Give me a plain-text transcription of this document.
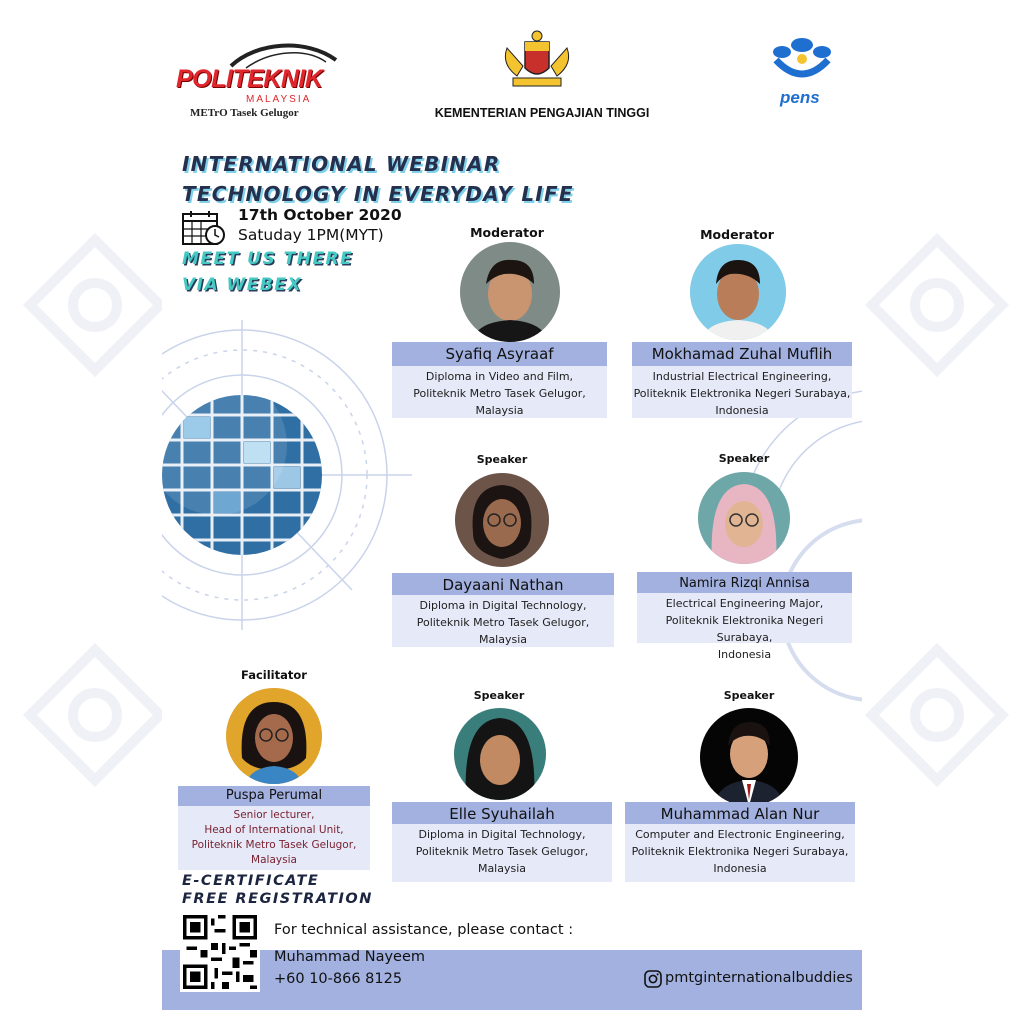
POLITEKNIK
MALAYSIA
METrO Tasek Gelugor	KEMENTERIAN PENGAJIAN TINGGI
pens
INTERNATIONAL WEBINAR
TECHNOLOGY IN EVERYDAY LIFE
17th October 2020
Satuday 1PM(MYT)
MEET US THERE
VIA WEBEX
Moderator
Syafiq Asyraaf
Diploma in Video and Film,
Politeknik Metro Tasek Gelugor,
Malaysia
Moderator
Mokhamad Zuhal Muflih
Industrial Electrical Engineering,
Politeknik Elektronika Negeri Surabaya,
Indonesia
Speaker
Dayaani Nathan
Diploma in Digital Technology,
Politeknik Metro Tasek Gelugor,
Malaysia
Speaker
Namira Rizqi Annisa
Electrical Engineering Major,
Politeknik Elektronika Negeri Surabaya,
Indonesia
Facilitator
Puspa Perumal
Senior lecturer,
Head of International Unit,
Politeknik Metro Tasek Gelugor,
Malaysia
Speaker
Elle Syuhailah
Diploma in Digital Technology,
Politeknik Metro Tasek Gelugor,
Malaysia
Speaker
Muhammad Alan Nur
Computer and Electronic Engineering,
Politeknik Elektronika Negeri Surabaya,
Indonesia
E-CERTIFICATE
FREE REGISTRATION
For technical assistance, please contact :
Muhammad Nayeem
+60 10-866 8125	pmtginternationalbuddies
